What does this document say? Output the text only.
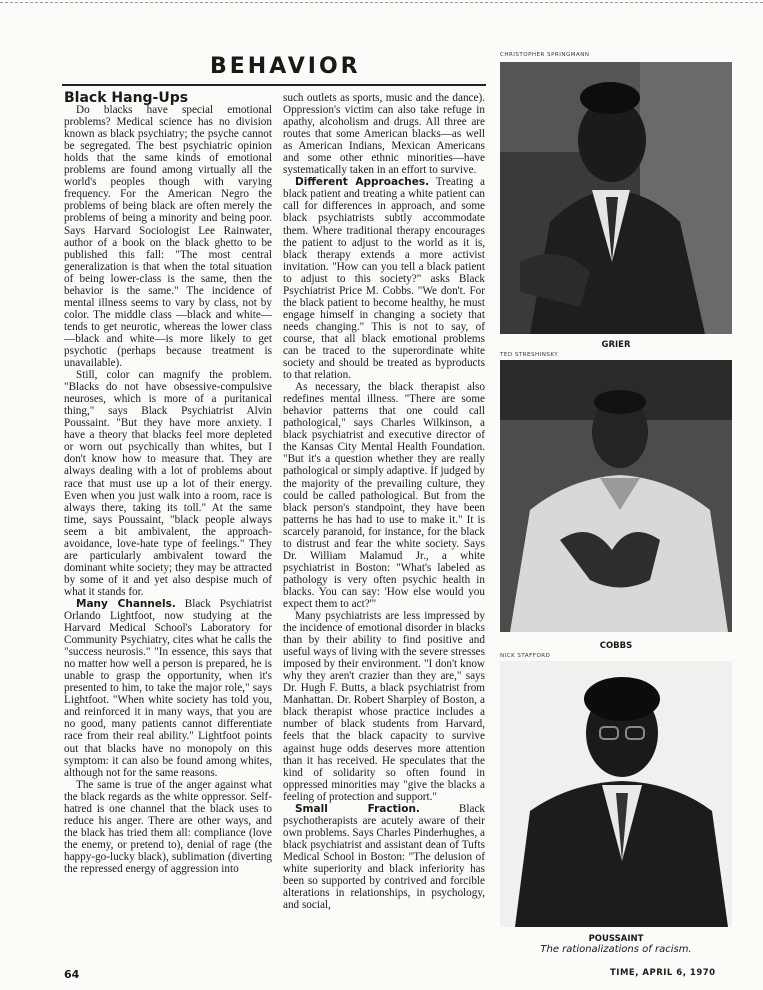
BEHAVIOR

Black Hang-Ups

Do blacks have special emotional problems? Medical science has no division known as black psychiatry; the psyche cannot be segregated. The best psychiatric opinion holds that the same kinds of emotional problems are found among virtually all the world's peoples though with varying frequency. For the American Negro the problems of being black are often merely the problems of being a minority and being poor. Says Harvard Sociologist Lee Rainwater, author of a book on the black ghetto to be published this fall: "The most central generalization is that when the total situation of being lower-class is the same, then the behavior is the same." The incidence of mental illness seems to vary by class, not by color. The middle class —black and white—tends to get neurotic, whereas the lower class—black and white—is more likely to get psychotic (perhaps because treatment is unavailable).

Still, color can magnify the problem. "Blacks do not have obsessive-compulsive neuroses, which is more of a puritanical thing," says Black Psychiatrist Alvin Poussaint. "But they have more anxiety. I have a theory that blacks feel more depleted or worn out psychically than whites, but I don't know how to measure that. They are always dealing with a lot of problems about race that must use up a lot of their energy. Even when you just walk into a room, race is always there, taking its toll." At the same time, says Poussaint, "black people always seem a bit ambivalent, the approach-avoidance, love-hate type of feelings." They are particularly ambivalent toward the dominant white society; they may be attracted by some of it and yet also despise much of what it stands for.

Many Channels. Black Psychiatrist Orlando Lightfoot, now studying at the Harvard Medical School's Laboratory for Community Psychiatry, cites what he calls the "success neurosis." "In essence, this says that no matter how well a person is prepared, he is unable to grasp the opportunity, when it's presented to him, to take the major role," says Lightfoot. "When white society has told you, and reinforced it in many ways, that you are no good, many patients cannot differentiate race from their real ability." Lightfoot points out that blacks have no monopoly on this symptom: it can also be found among whites, although not for the same reasons.

The same is true of the anger against what the black regards as the white oppressor. Self-hatred is one channel that the black uses to reduce his anger. There are other ways, and the black has tried them all: compliance (love the enemy, or pretend to), denial of rage (the happy-go-lucky black), sublimation (diverting the repressed energy of aggression into

such outlets as sports, music and the dance). Oppression's victim can also take refuge in apathy, alcoholism and drugs. All three are routes that some American blacks—as well as American Indians, Mexican Americans and some other ethnic minorities—have systematically taken in an effort to survive.

Different Approaches. Treating a black patient and treating a white patient can call for differences in approach, and some black psychiatrists subtly accommodate them. Where traditional therapy encourages the patient to adjust to the world as it is, black therapy extends a more activist invitation. "How can you tell a black patient to adjust to this society?" asks Black Psychiatrist Price M. Cobbs. "We don't. For the black patient to become healthy, he must engage himself in changing a society that needs changing." This is not to say, of course, that all black emotional problems can be traced to the superordinate white society and should be treated as byproducts to that relation.

As necessary, the black therapist also redefines mental illness. "There are some behavior patterns that one could call pathological," says Charles Wilkinson, a black psychiatrist and executive director of the Kansas City Mental Health Foundation. "But it's a question whether they are really pathological or simply adaptive. If judged by the majority of the prevailing culture, they could be called pathological. But from the black person's standpoint, they have been patterns he has had to use to make it." It is scarcely paranoid, for instance, for the black to distrust and fear the white society. Says Dr. William Malamud Jr., a white psychiatrist in Boston: "What's labeled as pathology is very often psychic health in blacks. You can say: 'How else would you expect them to act?'"

Many psychiatrists are less impressed by the incidence of emotional disorder in blacks than by their ability to find positive and useful ways of living with the severe stresses imposed by their environment. "I don't know why they aren't crazier than they are," says Dr. Hugh F. Butts, a black psychiatrist from Manhattan. Dr. Robert Sharpley of Boston, a black therapist whose practice includes a number of black students from Harvard, feels that the black capacity to survive against huge odds deserves more attention than it has received. He speculates that the kind of solidarity so often found in oppressed minorities may "give the blacks a feeling of protection and support."

Small Fraction.	Black psychotherapists are acutely aware of their own problems. Says Charles Pinderhughes, a black psychiatrist and assistant dean of Tufts Medical School in Boston: "The delusion of white superiority and black inferiority has been so supported by contrived and forcible alterations in relationships, in psychology, and social,

CHRISTOPHER SPRINGMANN
GRIER
TED STRESHINSKY
COBBS
NICK STAFFORD
POUSSAINT
The rationalizations of racism.
64	TIME, APRIL 6, 1970
